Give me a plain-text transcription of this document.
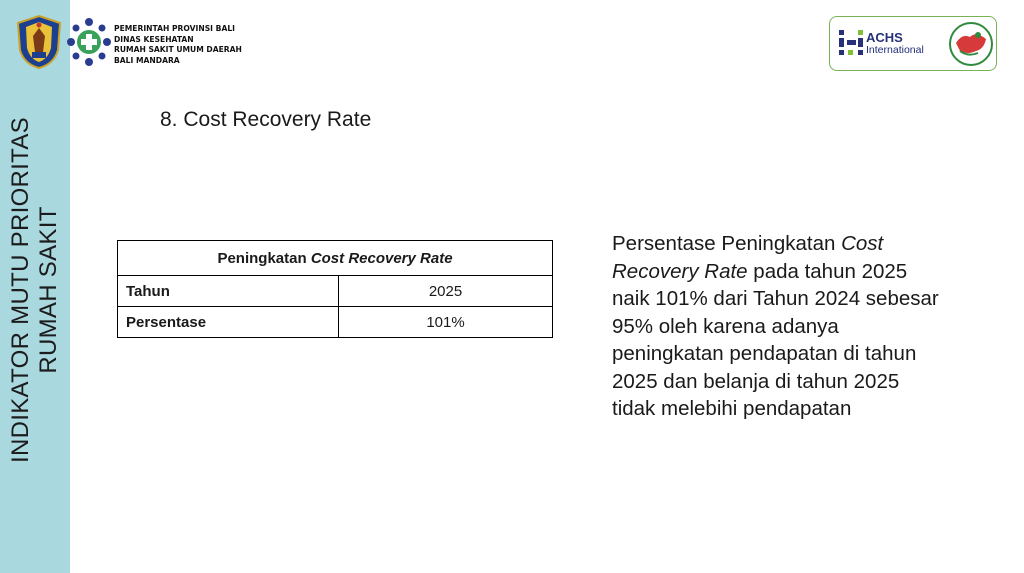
INDIKATOR MUTU PRIORITAS RUMAH SAKIT
PEMERINTAH PROVINSI BALI
DINAS KESEHATAN
RUMAH SAKIT UMUM DAERAH
BALI MANDARA
ACHS
International
8. Cost Recovery Rate
Peningkatan Cost Recovery Rate	
Tahun	2025
Persentase	101%
Persentase Peningkatan Cost Recovery Rate pada tahun 2025 naik 101% dari Tahun 2024 sebesar 95% oleh karena adanya peningkatan pendapatan di tahun 2025 dan belanja di tahun 2025 tidak melebihi pendapatan
